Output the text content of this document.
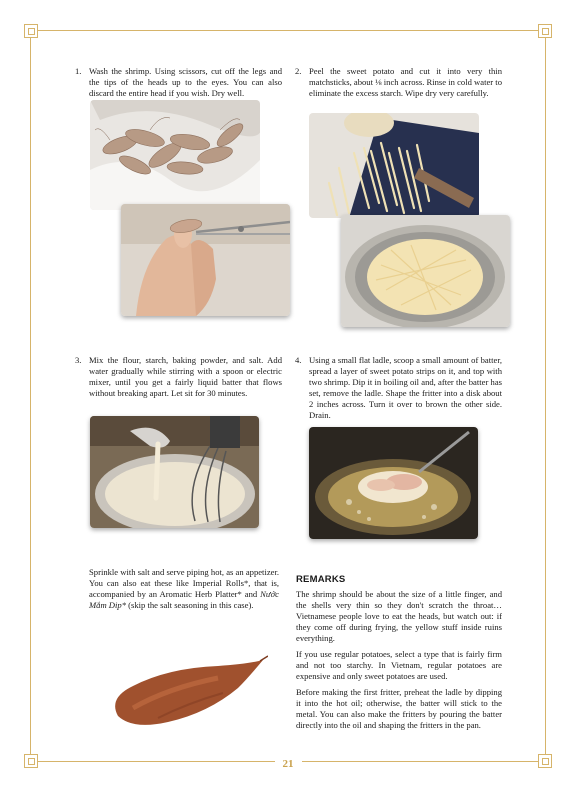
1. Wash the shrimp. Using scissors, cut off the legs and the tips of the heads up to the eyes. You can also discard the entire head if you wish. Dry well.
2. Peel the sweet potato and cut it into very thin matchsticks, about ⅛ inch across. Rinse in cold water to eliminate the excess starch. Wipe dry very carefully.
3. Mix the flour, starch, baking powder, and salt. Add water gradually while stirring with a spoon or electric mixer, until you get a fairly liquid batter that flows without breaking apart. Let sit for 30 minutes.
4. Using a small flat ladle, scoop a small amount of batter, spread a layer of sweet potato strips on it, and top with two shrimp. Dip it in boiling oil and, after the batter has set, remove the ladle. Shape the fritter into a disk about 2 inches across. Turn it over to brown the other side. Drain.

Sprinkle with salt and serve piping hot, as an appetizer. You can also eat these like Imperial Rolls*, that is, accompanied by an Aromatic Herb Platter* and Nước Mắm Dip* (skip the salt seasoning in this case).

REMARKS

The shrimp should be about the size of a little finger, and the shells very thin so they don't scratch the throat… Vietnamese people love to eat the heads, but watch out: if they come off during frying, the yellow stuff inside ruins everything.

If you use regular potatoes, select a type that is fairly firm and not too starchy. In Vietnam, regular potatoes are expensive and only sweet potatoes are used.

Before making the first fritter, preheat the ladle by dipping it into the hot oil; otherwise, the batter will stick to the metal. You can also make the fritters by pouring the batter directly into the oil and shaping the fritters in the pan.

21
